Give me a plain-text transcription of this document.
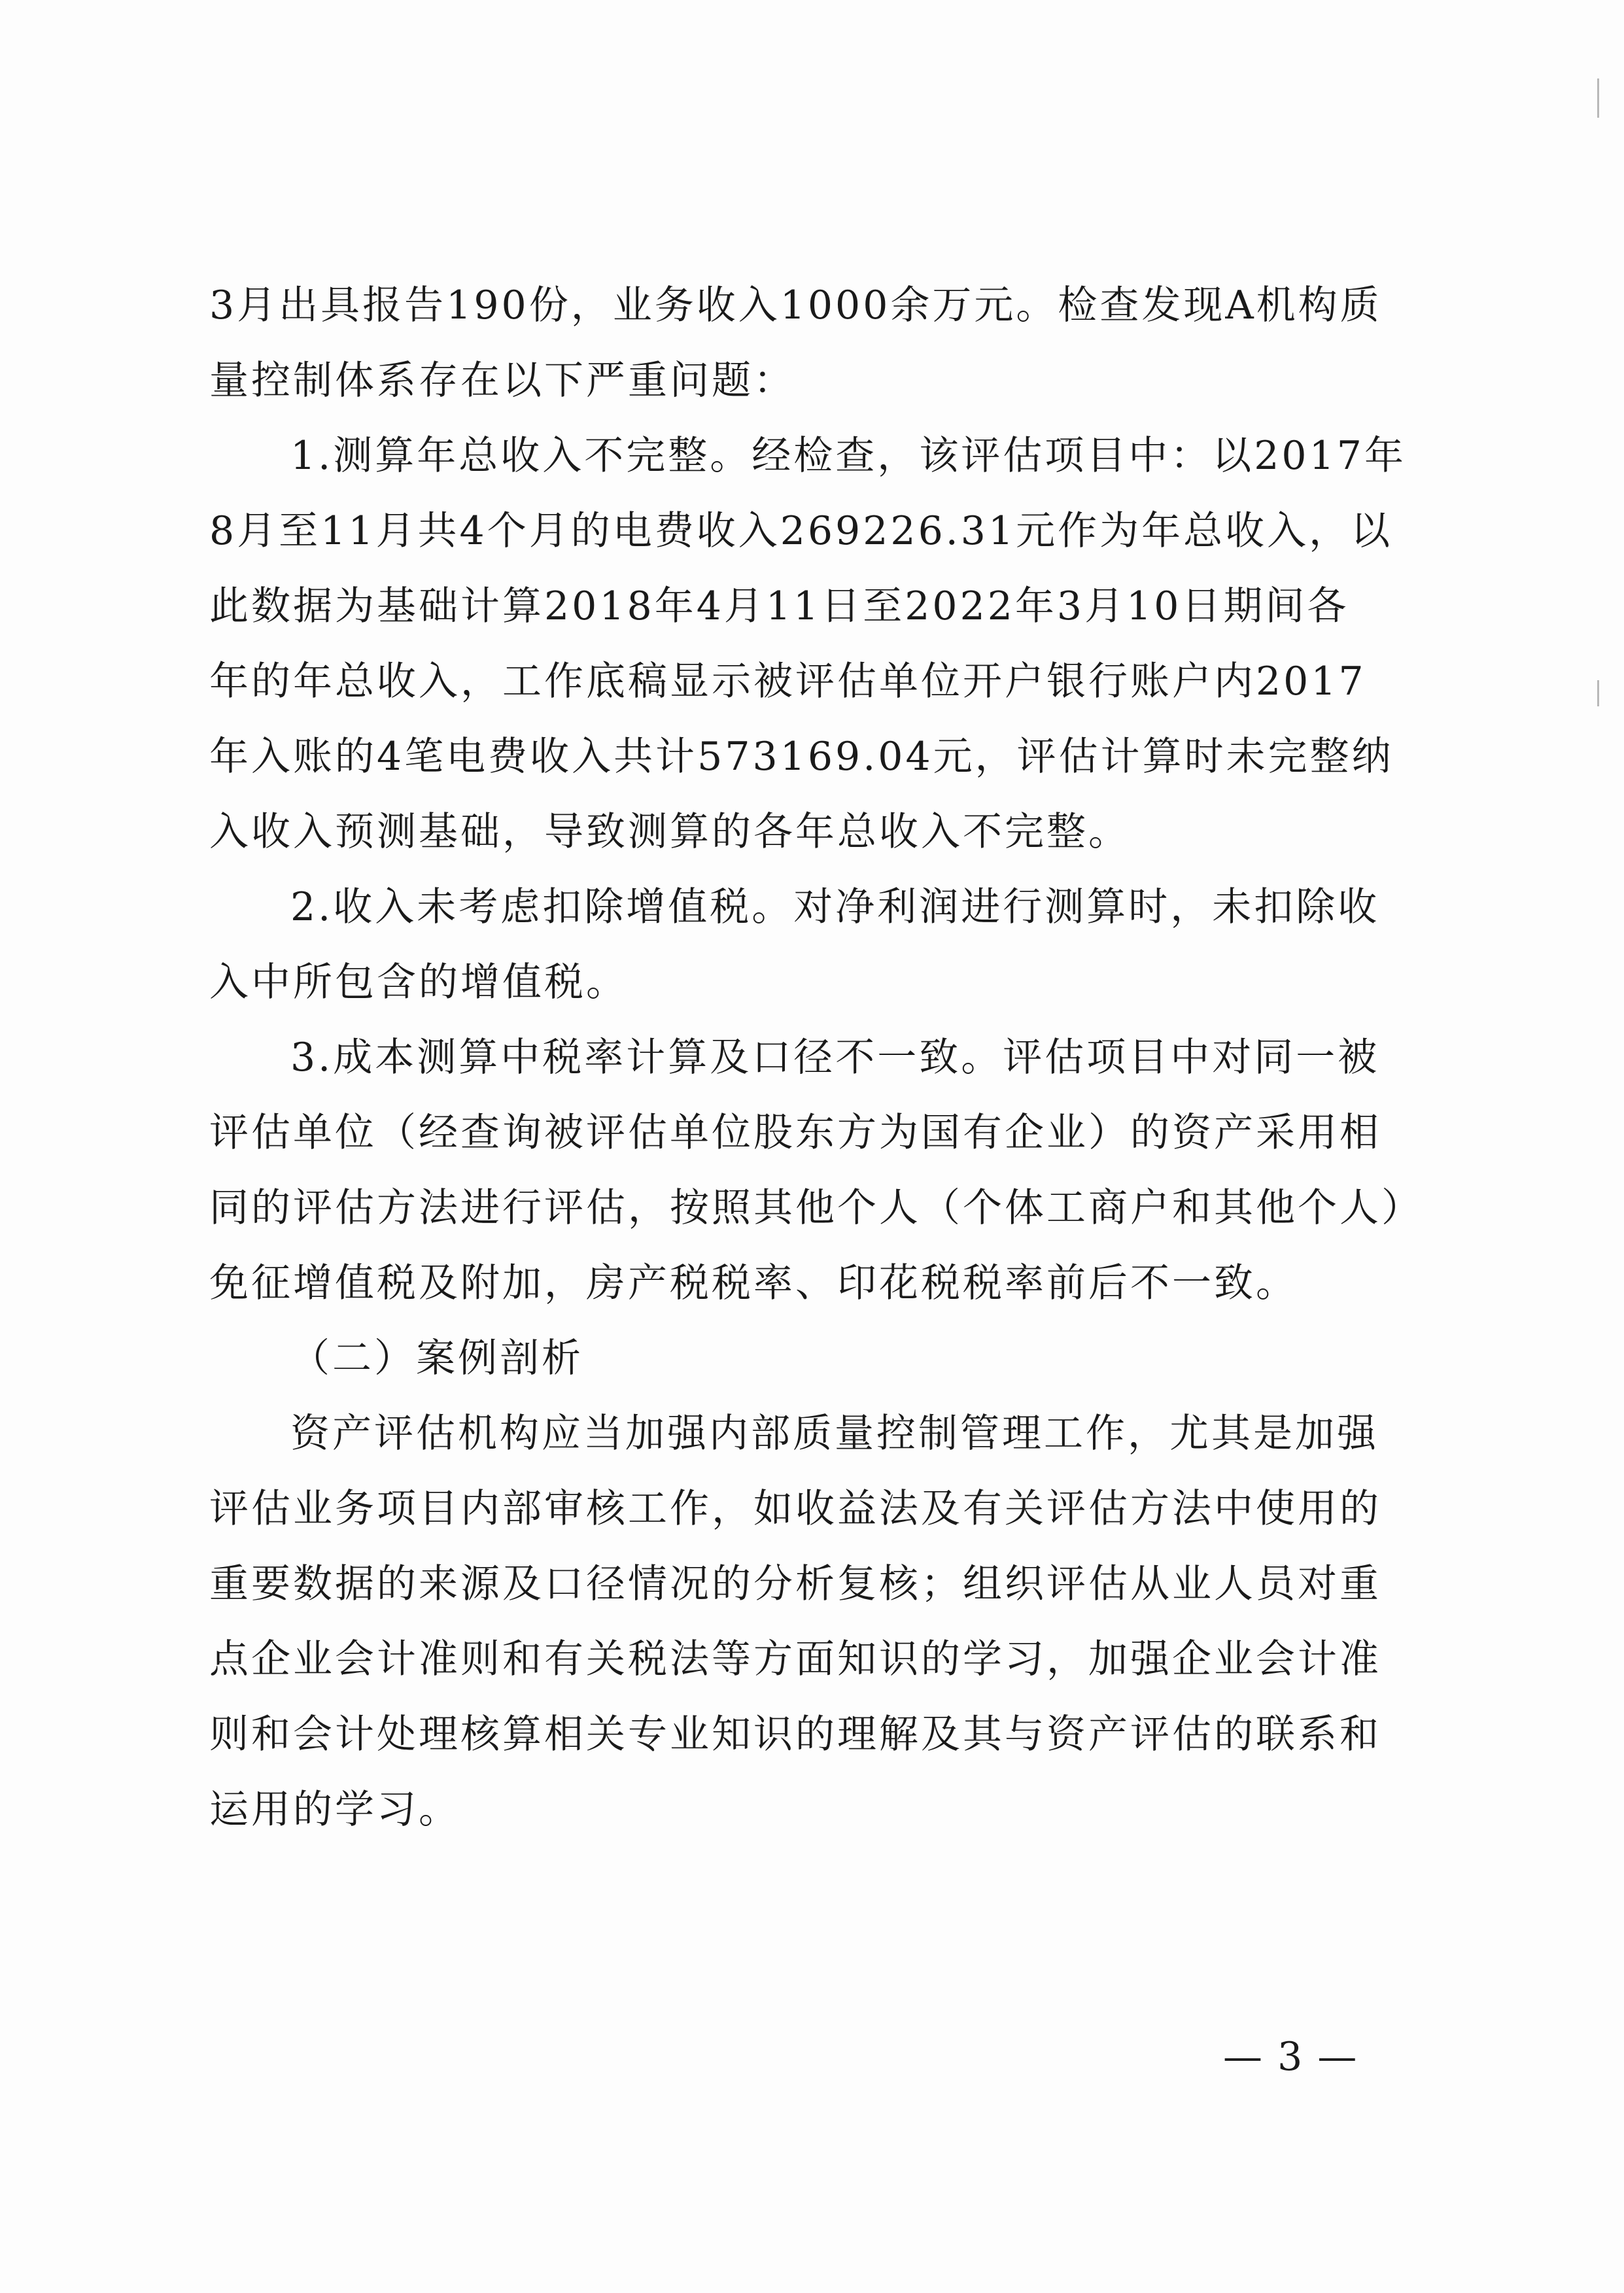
3月出具报告190份，业务收入1000余万元。检查发现A机构质
量控制体系存在以下严重问题：
1.测算年总收入不完整。经检查，该评估项目中：以2017年
8月至11月共4个月的电费收入269226.31元作为年总收入，以
此数据为基础计算2018年4月11日至2022年3月10日期间各
年的年总收入，工作底稿显示被评估单位开户银行账户内2017
年入账的4笔电费收入共计573169.04元，评估计算时未完整纳
入收入预测基础，导致测算的各年总收入不完整。
2.收入未考虑扣除增值税。对净利润进行测算时，未扣除收
入中所包含的增值税。
3.成本测算中税率计算及口径不一致。评估项目中对同一被
评估单位（经查询被评估单位股东方为国有企业）的资产采用相
同的评估方法进行评估，按照其他个人（个体工商户和其他个人）
免征增值税及附加，房产税税率、印花税税率前后不一致。
（二）案例剖析
资产评估机构应当加强内部质量控制管理工作，尤其是加强
评估业务项目内部审核工作，如收益法及有关评估方法中使用的
重要数据的来源及口径情况的分析复核；组织评估从业人员对重
点企业会计准则和有关税法等方面知识的学习，加强企业会计准
则和会计处理核算相关专业知识的理解及其与资产评估的联系和
运用的学习。
— 3 —
